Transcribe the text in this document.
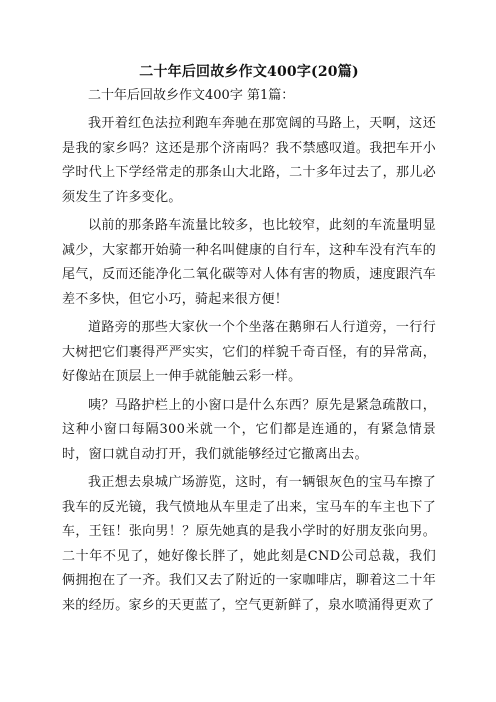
二十年后回故乡作文400字(20篇)
二十年后回故乡作文400字 第1篇：

我开着红色法拉利跑车奔驰在那宽阔的马路上，天啊，这还是我的家乡吗？这还是那个济南吗？我不禁感叹道。我把车开小学时代上下学经常走的那条山大北路，二十多年过去了，那儿必须发生了许多变化。

以前的那条路车流量比较多，也比较窄，此刻的车流量明显减少，大家都开始骑一种名叫健康的自行车，这种车没有汽车的尾气，反而还能净化二氧化碳等对人体有害的物质，速度跟汽车差不多快，但它小巧，骑起来很方便！

道路旁的那些大家伙一个个坐落在鹅卵石人行道旁，一行行大树把它们裹得严严实实，它们的样貌千奇百怪，有的异常高，好像站在顶层上一伸手就能触云彩一样。

咦？马路护栏上的小窗口是什么东西？原先是紧急疏散口，这种小窗口每隔300米就一个，它们都是连通的，有紧急情景时，窗口就自动打开，我们就能够经过它撤离出去。

我正想去泉城广场游览，这时，有一辆银灰色的宝马车擦了我车的反光镜，我气愤地从车里走了出来，宝马车的车主也下了车，王钰！张向男！？原先她真的是我小学时的好朋友张向男。二十年不见了，她好像长胖了，她此刻是CND公司总裁，我们俩拥抱在了一齐。我们又去了附近的一家咖啡店，聊着这二十年来的经历。家乡的天更蓝了，空气更新鲜了，泉水喷涌得更欢了
